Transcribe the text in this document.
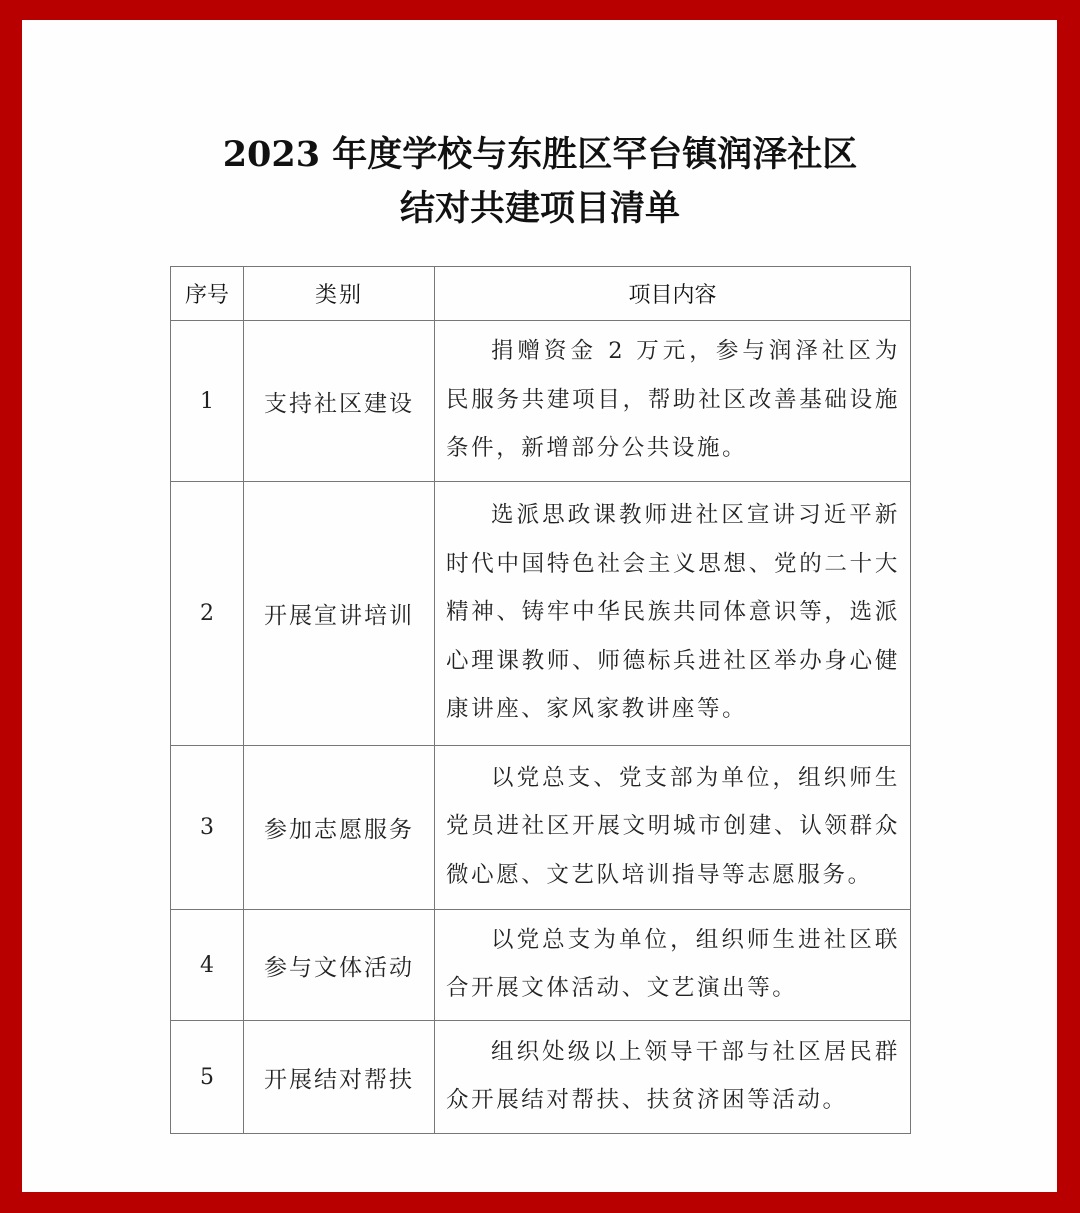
2023 年度学校与东胜区罕台镇润泽社区
结对共建项目清单
序号	类别	项目内容
1	支持社区建设	捐赠资金 2 万元，参与润泽社区为民服务共建项目，帮助社区改善基础设施条件，新增部分公共设施。

2	开展宣讲培训	选派思政课教师进社区宣讲习近平新时代中国特色社会主义思想、党的二十大精神、铸牢中华民族共同体意识等，选派心理课教师、师德标兵进社区举办身心健康讲座、家风家教讲座等。

3	参加志愿服务	以党总支、党支部为单位，组织师生党员进社区开展文明城市创建、认领群众微心愿、文艺队培训指导等志愿服务。

4	参与文体活动	以党总支为单位，组织师生进社区联合开展文体活动、文艺演出等。

5	开展结对帮扶	组织处级以上领导干部与社区居民群众开展结对帮扶、扶贫济困等活动。
